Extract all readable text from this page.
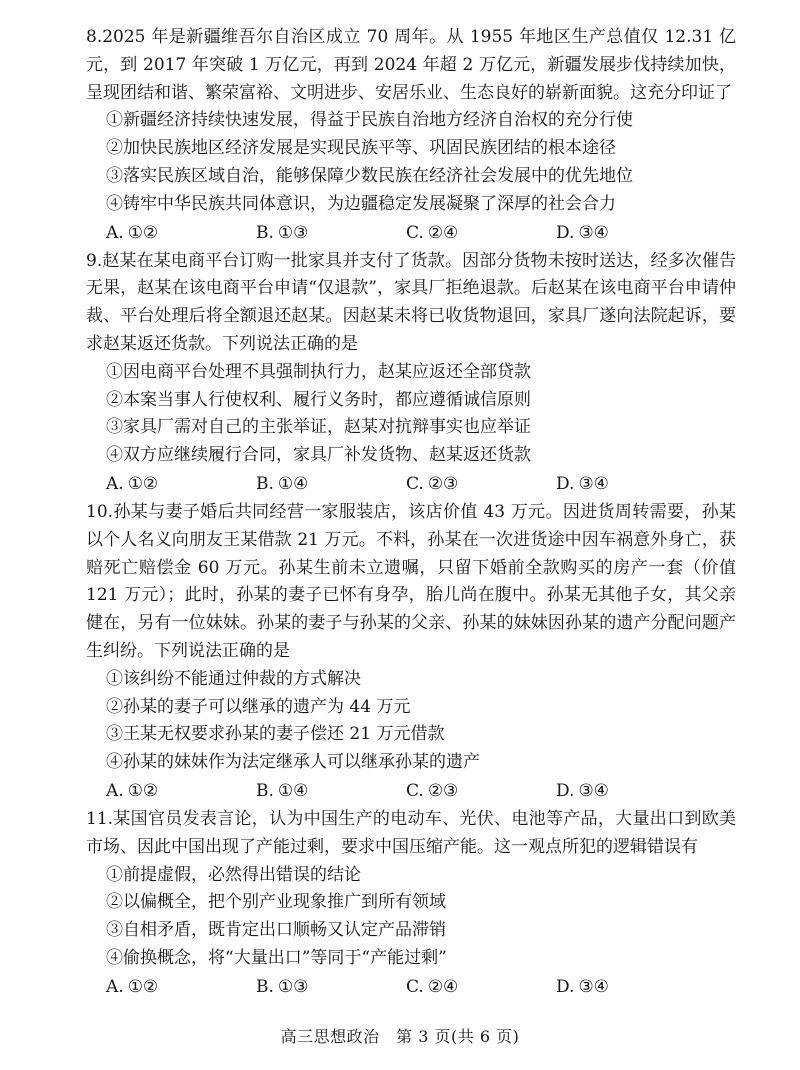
8.2025 年是新疆维吾尔自治区成立 70 周年。从 1955 年地区生产总值仅 12.31 亿元，到 2017 年突破 1 万亿元，再到 2024 年超 2 万亿元，新疆发展步伐持续加快，呈现团结和谐、繁荣富裕、文明进步、安居乐业、生态良好的崭新面貌。这充分印证了
①新疆经济持续快速发展，得益于民族自治地方经济自治权的充分行使
②加快民族地区经济发展是实现民族平等、巩固民族团结的根本途径
③落实民族区域自治，能够保障少数民族在经济社会发展中的优先地位
④铸牢中华民族共同体意识，为边疆稳定发展凝聚了深厚的社会合力
A. ①②	B. ①③	C. ②④	D. ③④
9.赵某在某电商平台订购一批家具并支付了货款。因部分货物未按时送达，经多次催告无果，赵某在该电商平台申请“仅退款”，家具厂拒绝退款。后赵某在该电商平台申请仲裁、平台处理后将全额退还赵某。因赵某未将已收货物退回，家具厂遂向法院起诉，要求赵某返还货款。下列说法正确的是
①因电商平台处理不具强制执行力，赵某应返还全部贷款
②本案当事人行使权利、履行义务时，都应遵循诚信原则
③家具厂需对自己的主张举证，赵某对抗辩事实也应举证
④双方应继续履行合同，家具厂补发货物、赵某返还货款
A. ①②	B. ①④	C. ②③	D. ③④
10.孙某与妻子婚后共同经营一家服装店，该店价值 43 万元。因进货周转需要，孙某以个人名义向朋友王某借款 21 万元。不料，孙某在一次进货途中因车祸意外身亡，获赔死亡赔偿金 60 万元。孙某生前未立遗嘱，只留下婚前全款购买的房产一套（价值 121 万元）；此时，孙某的妻子已怀有身孕，胎儿尚在腹中。孙某无其他子女，其父亲健在，另有一位妹妹。孙某的妻子与孙某的父亲、孙某的妹妹因孙某的遗产分配问题产生纠纷。下列说法正确的是
①该纠纷不能通过仲裁的方式解决
②孙某的妻子可以继承的遗产为 44 万元
③王某无权要求孙某的妻子偿还 21 万元借款
④孙某的妹妹作为法定继承人可以继承孙某的遗产
A. ①②	B. ①④	C. ②③	D. ③④
11.某国官员发表言论，认为中国生产的电动车、光伏、电池等产品，大量出口到欧美市场、因此中国出现了产能过剩，要求中国压缩产能。这一观点所犯的逻辑错误有
①前提虚假，必然得出错误的结论
②以偏概全，把个别产业现象推广到所有领域
③自相矛盾，既肯定出口顺畅又认定产品滞销
④偷换概念，将“大量出口”等同于“产能过剩”
A. ①②	B. ①③	C. ②④	D. ③④
高三思想政治　第 3 页(共 6 页)
